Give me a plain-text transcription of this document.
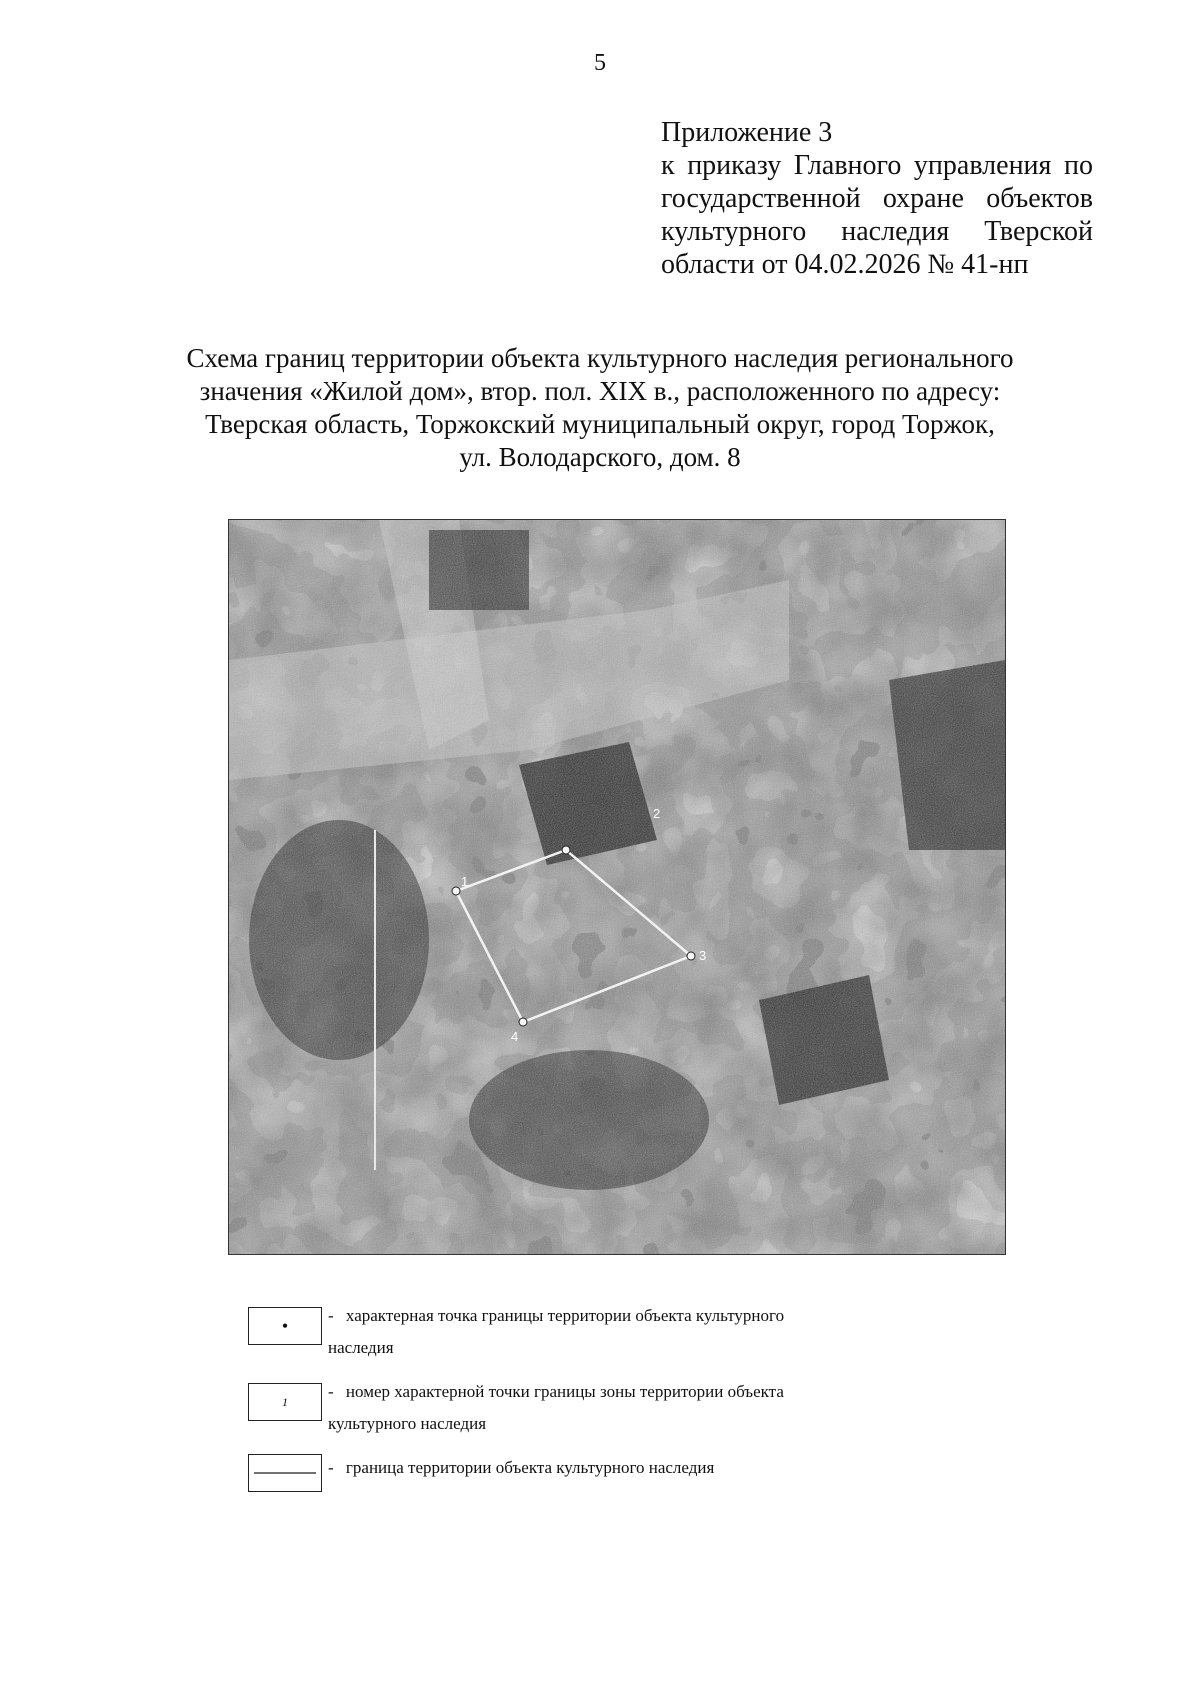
5
Приложение 3
к приказу Главного управления по
государственной охране объектов
культурного наследия Тверской
области от 04.02.2026 № 41-нп
Схема границ территории объекта культурного наследия регионального
значения «Жилой дом», втор. пол. XIX в., расположенного по адресу:
Тверская область, Торжокский муниципальный округ, город Торжок,
ул. Володарского, дом. 8
1
2
3
4
•
- характерная точка границы территории объекта культурного
наследия
1
- номер характерной точки границы зоны территории объекта
культурного наследия
- граница территории объекта культурного наследия
